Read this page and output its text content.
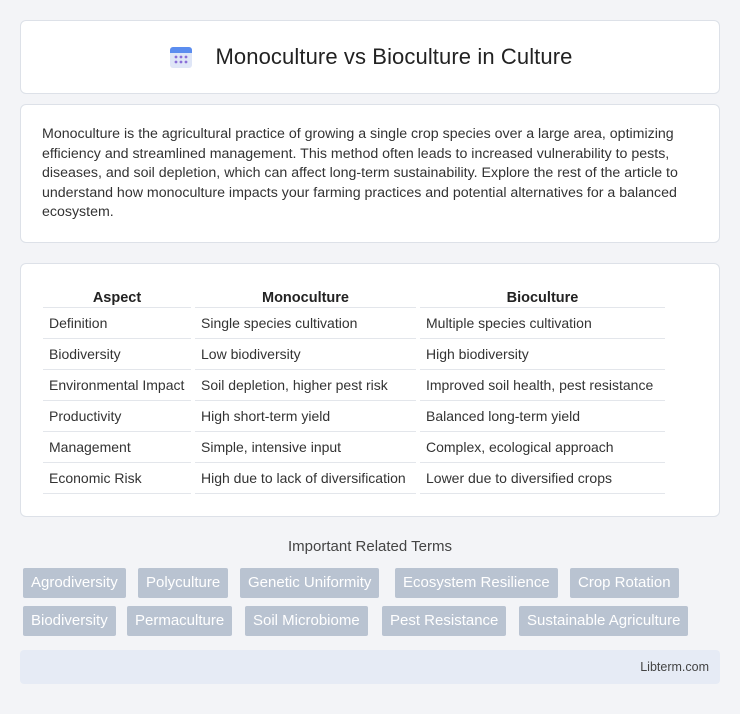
Monoculture vs Bioculture in Culture

Monoculture is the agricultural practice of growing a single crop species over a large area, optimizing efficiency and streamlined management. This method often leads to increased vulnerability to pests, diseases, and soil depletion, which can affect long-term sustainability. Explore the rest of the article to understand how monoculture impacts your farming practices and potential alternatives for a balanced ecosystem.

Aspect	Monoculture	Bioculture
Definition	Single species cultivation	Multiple species cultivation
Biodiversity	Low biodiversity	High biodiversity
Environmental Impact	Soil depletion, higher pest risk	Improved soil health, pest resistance
Productivity	High short-term yield	Balanced long-term yield
Management	Simple, intensive input	Complex, ecological approach
Economic Risk	High due to lack of diversification	Lower due to diversified crops
Important Related Terms
Agrodiversity	Polyculture	Genetic Uniformity	Ecosystem Resilience	Crop Rotation
Biodiversity	Permaculture	Soil Microbiome	Pest Resistance	Sustainable Agriculture
Libterm.com
